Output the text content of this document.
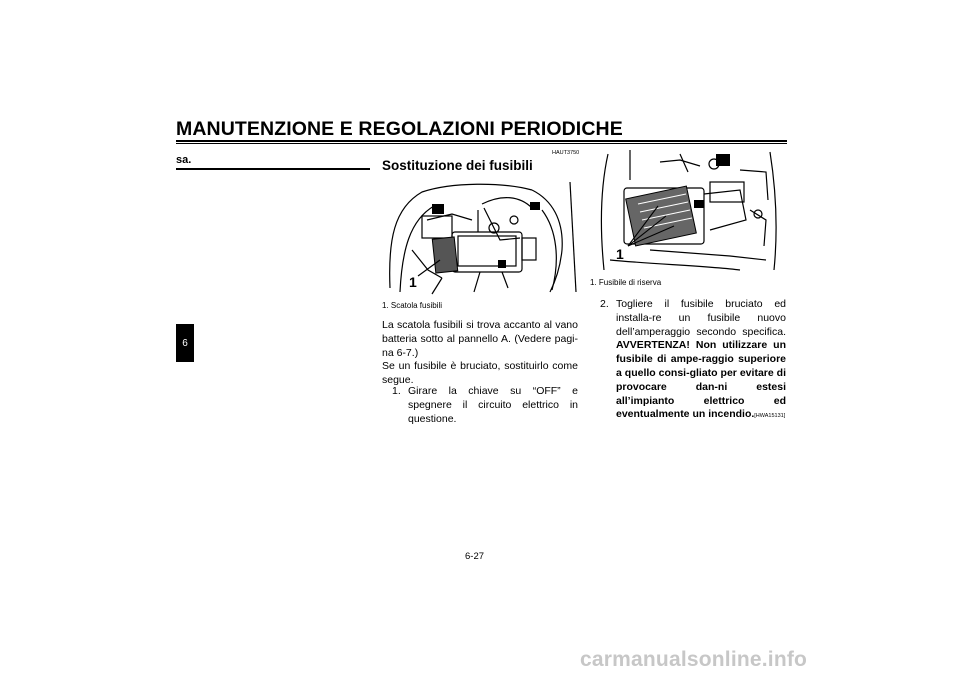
MANUTENZIONE E REGOLAZIONI PERIODICHE
sa.
6
HAUT3750
Sostituzione dei fusibili
1
1. Scatola fusibili
La scatola fusibili si trova accanto al vano batteria sotto al pannello A. (Vedere pagi-na 6-7.)
Se un fusibile è bruciato, sostituirlo come segue.
1. Girare la chiave su “OFF” e spegnere il circuito elettrico in questione.
1
1. Fusibile di riserva
2. Togliere il fusibile bruciato ed installa-re un fusibile nuovo dell’amperaggio secondo specifica. AVVERTENZA! Non utilizzare un fusibile di ampe-raggio superiore a quello consi-gliato per evitare di provocare dan-ni estesi all’impianto elettrico ed eventualmente un incendio.[HWA15131]
6-27
carmanualsonline.info
